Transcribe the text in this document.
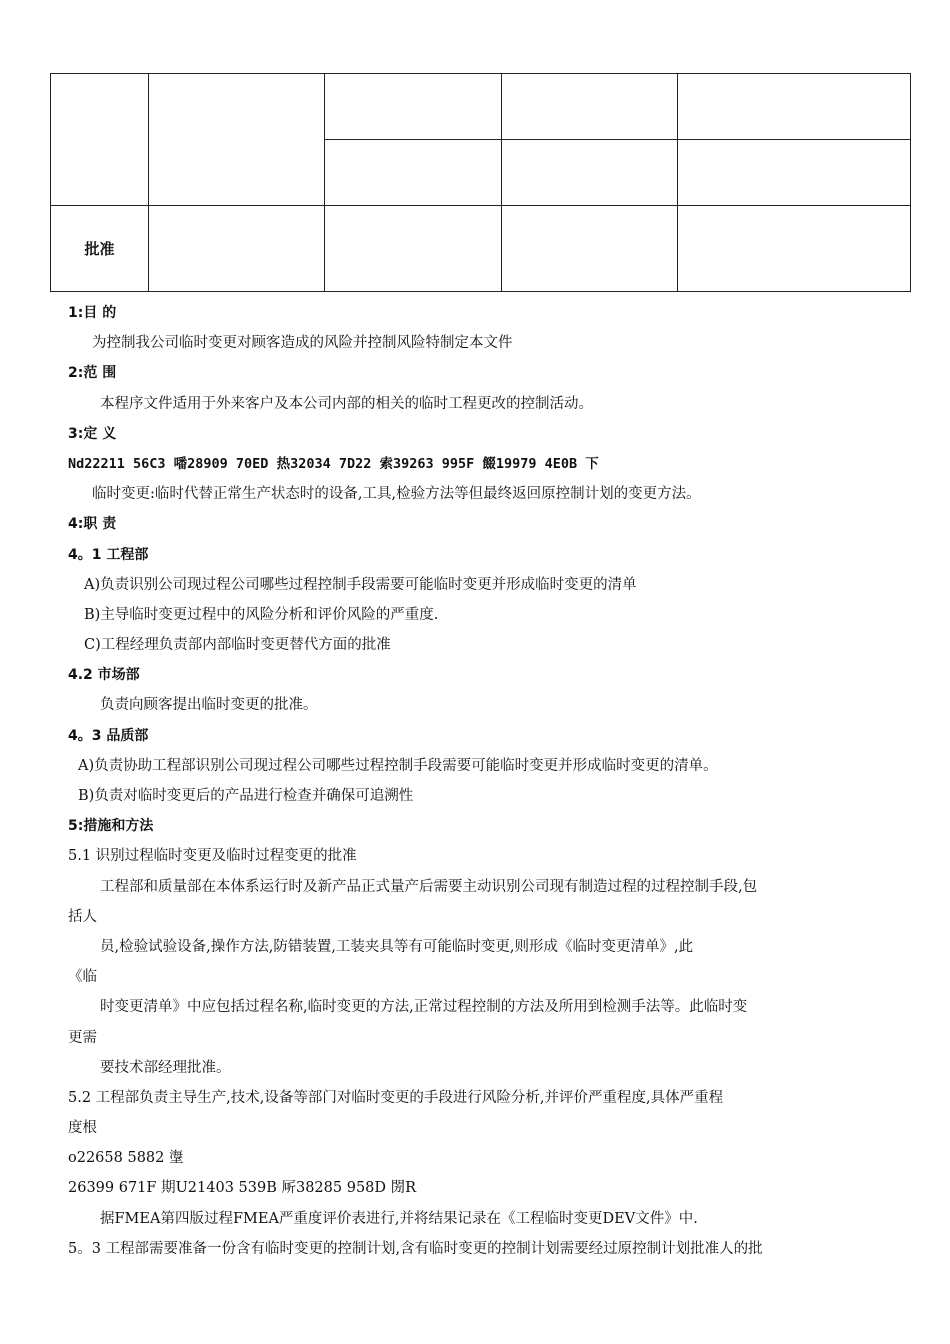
批准				
1:目 的
为控制我公司临时变更对顾客造成的风险并控制风险特制定本文件
2:范 围
本程序文件适用于外来客户及本公司内部的相关的临时工程更改的控制活动。
3:定 义
Nd22211 56C3 噃28909 70ED 热32034 7D22 索39263 995F 餟19979 4E0B 下
临时变更:临时代替正常生产状态时的设备,工具,检验方法等但最终返回原控制计划的变更方法。
4:职 责
4。1 工程部
A)负责识别公司现过程公司哪些过程控制手段需要可能临时变更并形成临时变更的清单
B)主导临时变更过程中的风险分析和评价风险的严重度.
C)工程经理负责部内部临时变更替代方面的批准
4.2 市场部
负责向顾客提出临时变更的批准。
4。3 品质部
A)负责协助工程部识别公司现过程公司哪些过程控制手段需要可能临时变更并形成临时变更的清单。
B)负责对临时变更后的产品进行检查并确保可追溯性
5:措施和方法
5.1 识别过程临时变更及临时过程变更的批准
工程部和质量部在本体系运行时及新产品正式量产后需要主动识别公司现有制造过程的过程控制手段,包
括人
员,检验试验设备,操作方法,防错装置,工装夹具等有可能临时变更,则形成《临时变更清单》,此
《临
时变更清单》中应包括过程名称,临时变更的方法,正常过程控制的方法及所用到检测手法等。此临时变
更需
要技术部经理批准。
5.2 工程部负责主导生产,技术,设备等部门对临时变更的手段进行风险分析,并评价严重程度,具体严重程
度根
o22658 5882 塰
26399 671F 期U21403 539B 厛38285 958D 閍R
据FMEA第四版过程FMEA严重度评价表进行,并将结果记录在《工程临时变更DEV文件》中.
5。3 工程部需要准备一份含有临时变更的控制计划,含有临时变更的控制计划需要经过原控制计划批准人的批
